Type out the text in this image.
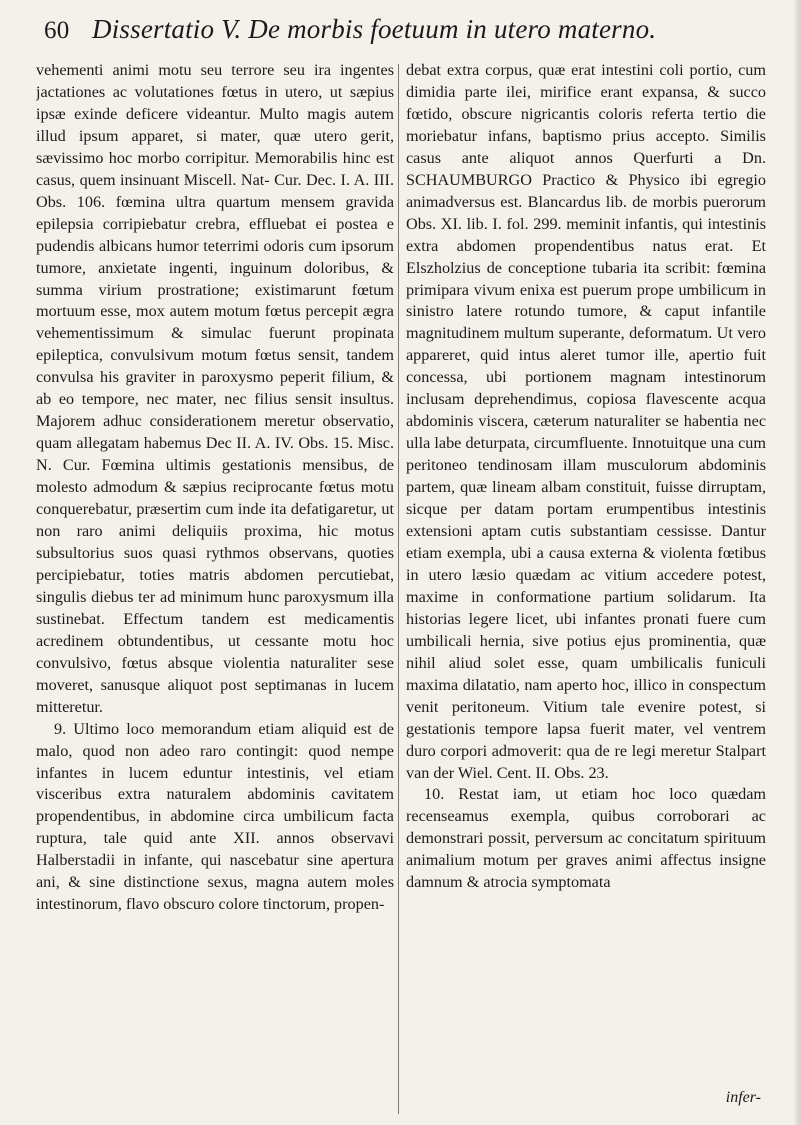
60 Dissertatio V. De morbis foetuum in utero materno.

vehementi animi motu seu terrore seu ira ingentes jactationes ac volutationes fœtus in utero, ut sæpius ipsæ exinde deficere videantur. Multo magis autem illud ipsum apparet, si mater, quæ utero gerit, sævissimo hoc morbo corripitur. Memorabilis hinc est casus, quem insinuant Miscell. Nat- Cur. Dec. I. A. III. Obs. 106. fœmina ultra quartum mensem gravida epilepsia corripiebatur crebra, effluebat ei postea e pudendis albicans humor teterrimi odoris cum ipsorum tumore, anxietate ingenti, inguinum doloribus, & summa virium prostratione; existimarunt fœtum mortuum esse, mox autem motum fœtus percepit ægra vehementissimum & simulac fuerunt propinata epileptica, convulsivum motum fœtus sensit, tandem convulsa his graviter in paroxysmo peperit filium, & ab eo tempore, nec mater, nec filius sensit insultus. Majorem adhuc considerationem meretur observatio, quam allegatam habemus Dec II. A. IV. Obs. 15. Misc. N. Cur. Fœmina ultimis gestationis mensibus, de molesto admodum & sæpius reciprocante fœtus motu conquerebatur, præsertim cum inde ita defatigaretur, ut non raro animi deliquiis proxima, hic motus subsultorius suos quasi rythmos observans, quoties percipiebatur, toties matris abdomen percutiebat, singulis diebus ter ad minimum hunc paroxysmum illa sustinebat. Effectum tandem est medicamentis acredinem obtundentibus, ut cessante motu hoc convulsivo, fœtus absque violentia naturaliter sese moveret, sanusque aliquot post septimanas in lucem mitteretur.

9. Ultimo loco memorandum etiam aliquid est de malo, quod non adeo raro contingit: quod nempe infantes in lucem eduntur intestinis, vel etiam visceribus extra naturalem abdominis cavitatem propendentibus, in abdomine circa umbilicum facta ruptura, tale quid ante XII. annos observavi Halberstadii in infante, qui nascebatur sine apertura ani, & sine distinctione sexus, magna autem moles intestinorum, flavo obscuro colore tinctorum, propen-

debat extra corpus, quæ erat intestini coli portio, cum dimidia parte ilei, mirifice erant expansa, & succo fœtido, obscure nigricantis coloris referta tertio die moriebatur infans, baptismo prius accepto. Similis casus ante aliquot annos Querfurti a Dn. SCHAUMBURGO Practico & Physico ibi egregio animadversus est. Blancardus lib. de morbis puerorum Obs. XI. lib. I. fol. 299. meminit infantis, qui intestinis extra abdomen propendentibus natus erat. Et Elszholzius de conceptione tubaria ita scribit: fœmina primipara vivum enixa est puerum prope umbilicum in sinistro latere rotundo tumore, & caput infantile magnitudinem multum superante, deformatum. Ut vero appareret, quid intus aleret tumor ille, apertio fuit concessa, ubi portionem magnam intestinorum inclusam deprehendimus, copiosa flavescente acqua abdominis viscera, cæterum naturaliter se habentia nec ulla labe deturpata, circumfluente. Innotuitque una cum peritoneo tendinosam illam musculorum abdominis partem, quæ lineam albam constituit, fuisse dirruptam, sicque per datam portam erumpentibus intestinis extensioni aptam cutis substantiam cessisse. Dantur etiam exempla, ubi a causa externa & violenta fœtibus in utero læsio quædam ac vitium accedere potest, maxime in conformatione partium solidarum. Ita historias legere licet, ubi infantes pronati fuere cum umbilicali hernia, sive potius ejus prominentia, quæ nihil aliud solet esse, quam umbilicalis funiculi maxima dilatatio, nam aperto hoc, illico in conspectum venit peritoneum. Vitium tale evenire potest, si gestationis tempore lapsa fuerit mater, vel ventrem duro corpori admoverit: qua de re legi meretur Stalpart van der Wiel. Cent. II. Obs. 23.

10. Restat iam, ut etiam hoc loco quædam recenseamus exempla, quibus corroborari ac demonstrari possit, perversum ac concitatum spirituum animalium motum per graves animi affectus insigne damnum & atrocia symptomata

infer-
